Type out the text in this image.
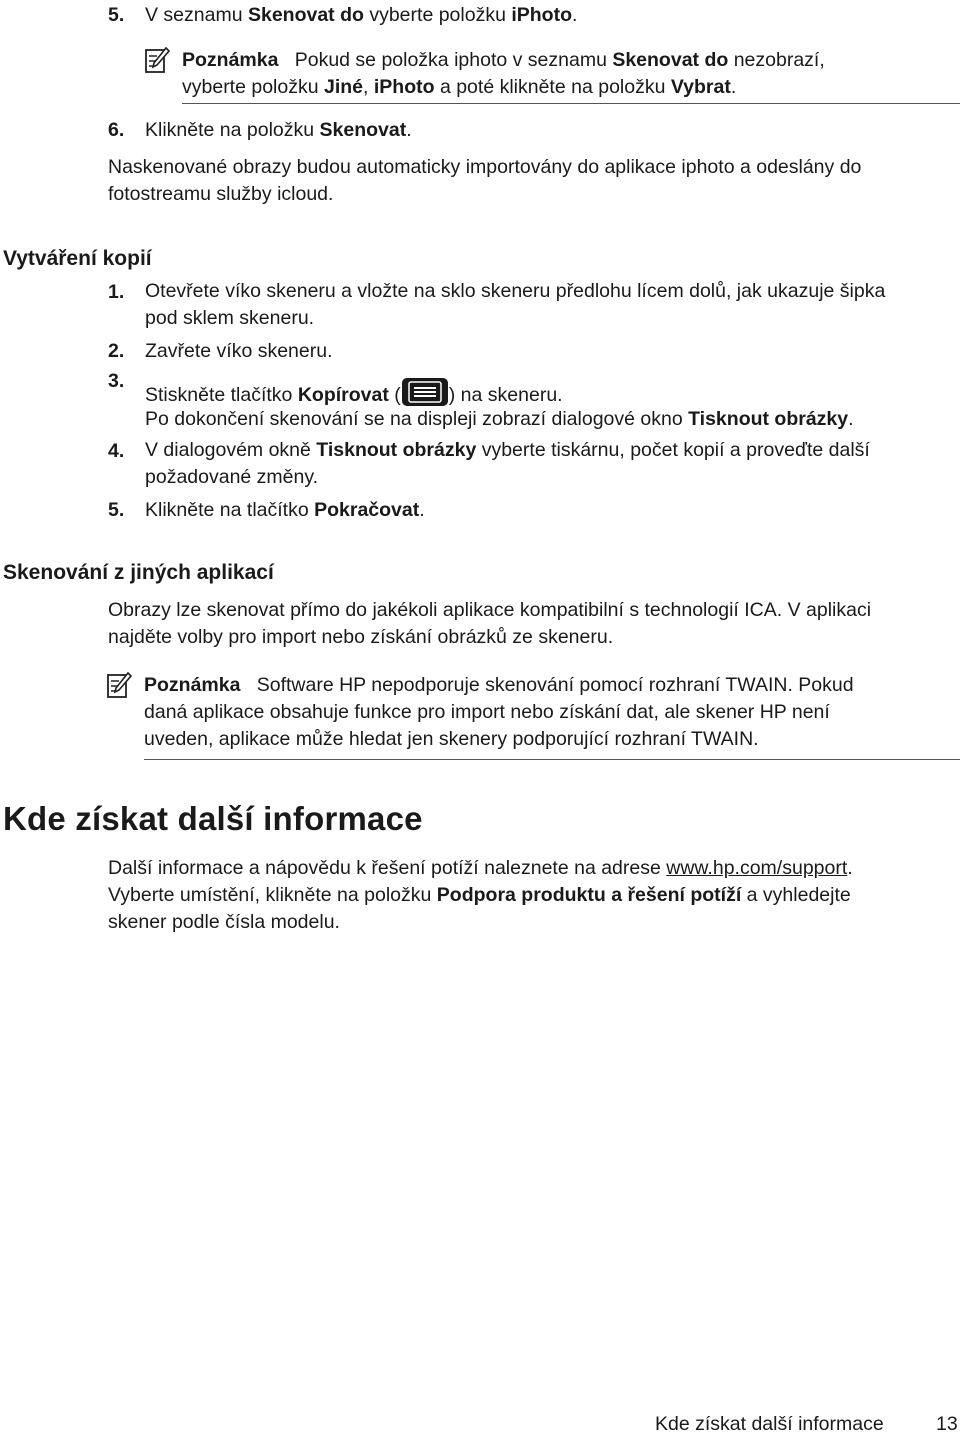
5. V seznamu Skenovat do vyberte položku iPhoto.
Poznámka Pokud se položka iphoto v seznamu Skenovat do nezobrazí,
vyberte položku Jiné, iPhoto a poté klikněte na položku Vybrat.
6. Klikněte na položku Skenovat.
Naskenované obrazy budou automaticky importovány do aplikace iphoto a odeslány do
fotostreamu služby icloud.
Vytváření kopií
1. Otevřete víko skeneru a vložte na sklo skeneru předlohu lícem dolů, jak ukazuje šipka
pod sklem skeneru.
2. Zavřete víko skeneru.
3.
Stiskněte tlačítko Kopírovat ( ) na skeneru.
Po dokončení skenování se na displeji zobrazí dialogové okno Tisknout obrázky.
4. V dialogovém okně Tisknout obrázky vyberte tiskárnu, počet kopií a proveďte další
požadované změny.
5. Klikněte na tlačítko Pokračovat.
Skenování z jiných aplikací
Obrazy lze skenovat přímo do jakékoli aplikace kompatibilní s technologií ICA. V aplikaci
najděte volby pro import nebo získání obrázků ze skeneru.
Poznámka Software HP nepodporuje skenování pomocí rozhraní TWAIN. Pokud
daná aplikace obsahuje funkce pro import nebo získání dat, ale skener HP není
uveden, aplikace může hledat jen skenery podporující rozhraní TWAIN.
Kde získat další informace
Další informace a nápovědu k řešení potíží naleznete na adrese www.hp.com/support.
Vyberte umístění, klikněte na položku Podpora produktu a řešení potíží a vyhledejte
skener podle čísla modelu.
Kde získat další informace	13
